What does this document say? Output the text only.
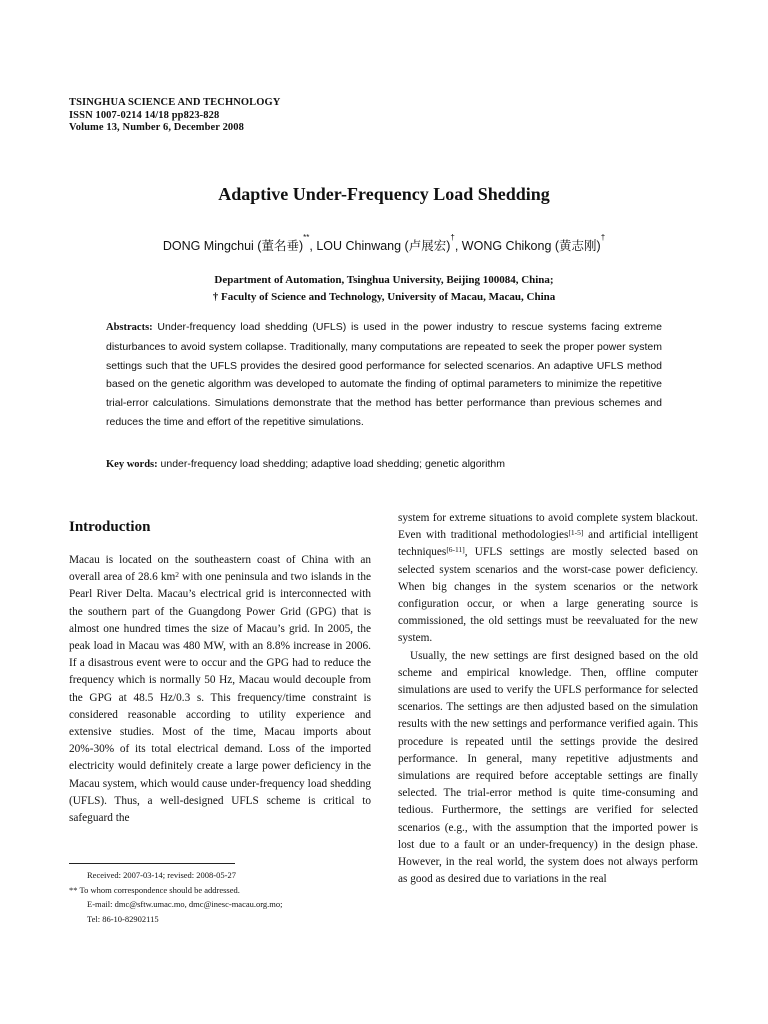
TSINGHUA SCIENCE AND TECHNOLOGY
ISSN 1007-0214 14/18 pp823-828
Volume 13, Number 6, December 2008
Adaptive Under-Frequency Load Shedding
DONG Mingchui (董名垂)**, LOU Chinwang (卢展宏)†, WONG Chikong (黄志刚)†
Department of Automation, Tsinghua University, Beijing 100084, China;
† Faculty of Science and Technology, University of Macau, Macau, China
Abstracts: Under-frequency load shedding (UFLS) is used in the power industry to rescue systems facing extreme disturbances to avoid system collapse. Traditionally, many computations are repeated to seek the proper power system settings such that the UFLS provides the desired good performance for selected scenarios. An adaptive UFLS method based on the genetic algorithm was developed to automate the finding of optimal parameters to minimize the repetitive trial-error calculations. Simulations demonstrate that the method has better performance than previous schemes and reduces the time and effort of the repetitive simulations.
Key words: under-frequency load shedding; adaptive load shedding; genetic algorithm
Introduction

Macau is located on the southeastern coast of China with an overall area of 28.6 $km^2$ with one peninsula and two islands in the Pearl River Delta. Macau’s electrical grid is interconnected with the southern part of the Guangdong Power Grid (GPG) that is almost one hundred times the size of Macau’s grid. In 2005, the peak load in Macau was 480 MW, with an 8.8% increase in 2006. If a disastrous event were to occur and the GPG had to reduce the frequency which is normally 50 Hz, Macau would decouple from the GPG at 48.5 Hz/0.3 s. This frequency/time constraint is considered reasonable according to utility experience and extensive studies. Most of the time, Macau imports about 20%-30% of its total electrical demand. Loss of the imported electricity would definitely create a large power deficiency in the Macau system, which would cause under-frequency load shedding (UFLS). Thus, a well-designed UFLS scheme is critical to safeguard the

system for extreme situations to avoid complete system blackout. Even with traditional methodologies[1-5] and artificial intelligent techniques[6-11], UFLS settings are mostly selected based on selected system scenarios and the worst-case power deficiency. When big changes in the system scenarios or the network configuration occur, or when a large generating source is commissioned, the old settings must be reevaluated for the new system.

Usually, the new settings are first designed based on the old scheme and empirical knowledge. Then, offline computer simulations are used to verify the UFLS performance for selected scenarios. The settings are then adjusted based on the simulation results with the new settings and performance verified again. This procedure is repeated until the settings provide the desired performance. In general, many repetitive adjustments and simulations are required before acceptable settings are finally selected. The trial-error method is quite time-consuming and tedious. Furthermore, the settings are verified for selected scenarios (e.g., with the assumption that the imported power is lost due to a fault or an under-frequency) in the design phase. However, in the real world, the system does not always perform as good as desired due to variations in the real

Received: 2007-03-14; revised: 2008-05-27
** To whom correspondence should be addressed.
E-mail: dmc@sftw.umac.mo, dmc@inesc-macau.org.mo;
Tel: 86-10-82902115
